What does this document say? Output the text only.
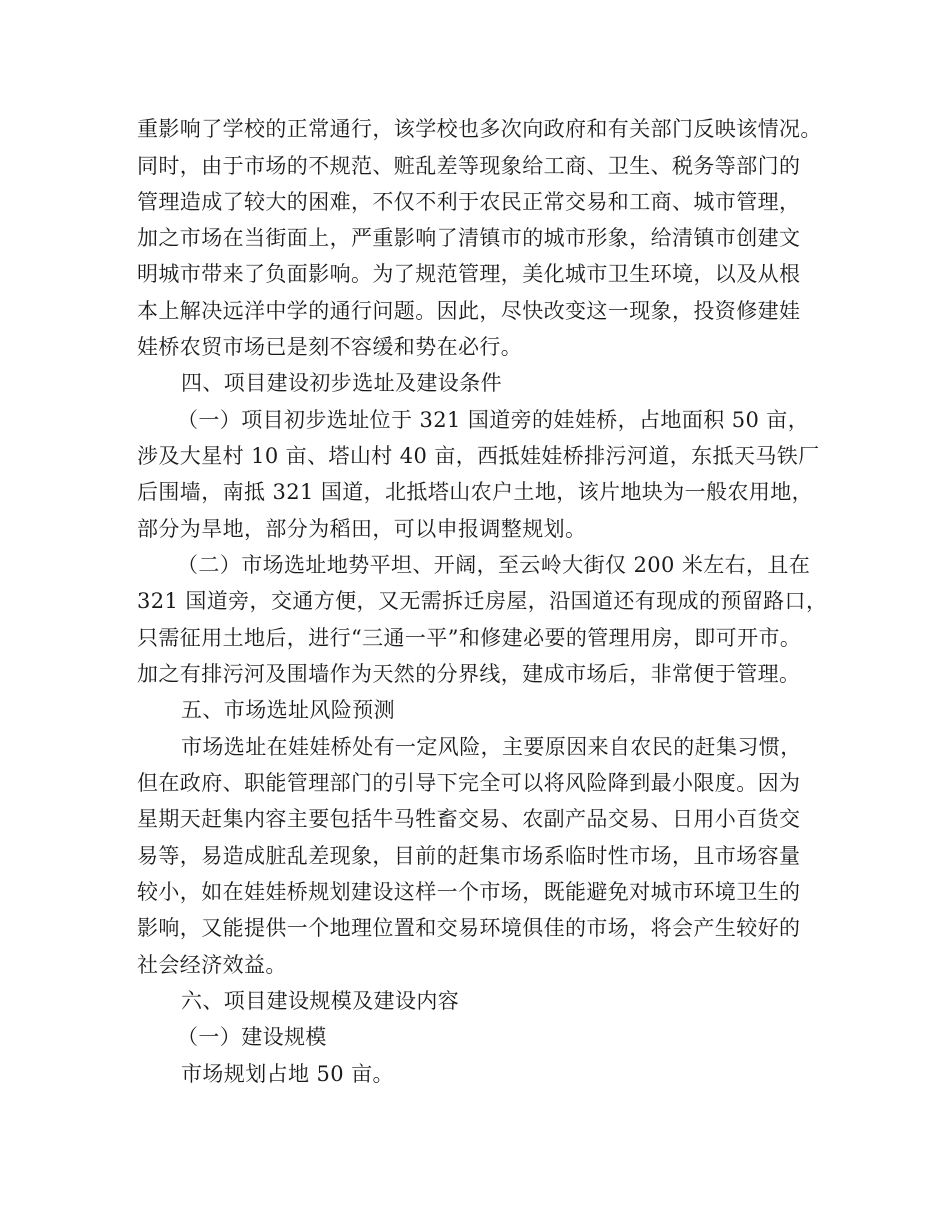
重影响了学校的正常通行，该学校也多次向政府和有关部门反映该情况。
同时，由于市场的不规范、赃乱差等现象给工商、卫生、税务等部门的
管理造成了较大的困难，不仅不利于农民正常交易和工商、城市管理，
加之市场在当街面上，严重影响了清镇市的城市形象，给清镇市创建文
明城市带来了负面影响。为了规范管理，美化城市卫生环境，以及从根
本上解决远洋中学的通行问题。因此，尽快改变这一现象，投资修建娃
娃桥农贸市场已是刻不容缓和势在必行。
四、项目建设初步选址及建设条件
（一）项目初步选址位于 321 国道旁的娃娃桥，占地面积 50 亩，
涉及大星村 10 亩、塔山村 40 亩，西抵娃娃桥排污河道，东抵天马铁厂
后围墙，南抵 321 国道，北抵塔山农户土地，该片地块为一般农用地，
部分为旱地，部分为稻田，可以申报调整规划。
（二）市场选址地势平坦、开阔，至云岭大街仅 200 米左右，且在
321 国道旁，交通方便，又无需拆迁房屋，沿国道还有现成的预留路口，
只需征用土地后，进行“三通一平”和修建必要的管理用房，即可开市。
加之有排污河及围墙作为天然的分界线，建成市场后，非常便于管理。
五、市场选址风险预测
市场选址在娃娃桥处有一定风险，主要原因来自农民的赶集习惯，
但在政府、职能管理部门的引导下完全可以将风险降到最小限度。因为
星期天赶集内容主要包括牛马牲畜交易、农副产品交易、日用小百货交
易等，易造成脏乱差现象，目前的赶集市场系临时性市场，且市场容量
较小，如在娃娃桥规划建设这样一个市场，既能避免对城市环境卫生的
影响，又能提供一个地理位置和交易环境俱佳的市场，将会产生较好的
社会经济效益。
六、项目建设规模及建设内容
（一）建设规模
市场规划占地 50 亩。
